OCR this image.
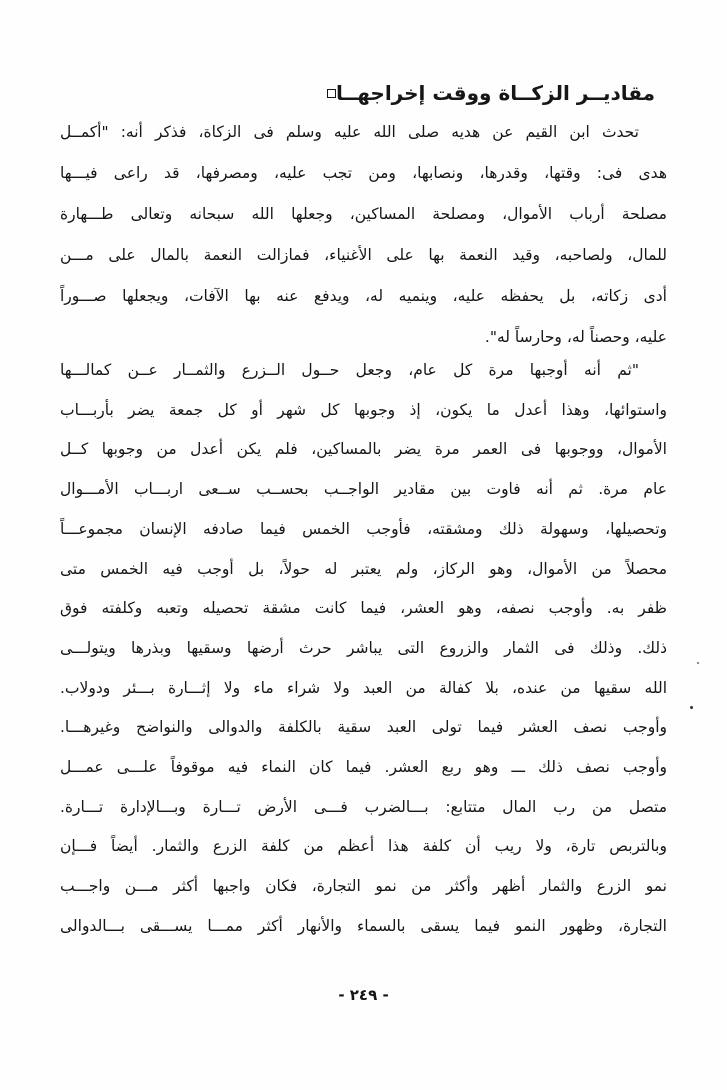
مقاديــر الزكــاة ووقت إخراجهــا
تحدث ابن القيم عن هديه صلى الله عليه وسلم فى الزكاة، فذكر أنه: "أكمــل
هدى فى: وقتها، وقدرها، ونصابها، ومن تجب عليه، ومصرفها، قد راعى فيـــها
مصلحة أرباب الأموال، ومصلحة المساكين، وجعلها الله سبحانه وتعالى طـــهارة
للمال، ولصاحبه، وقيد النعمة بها على الأغنياء، فمازالت النعمة بالمال على مـــن
أدى زكاته، بل يحفظه عليه، وينميه له، ويدفع عنه بها الآفات، ويجعلها صـــوراً
عليه، وحصناً له، وحارساً له".
"ثم أنه أوجبها مرة كل عام، وجعل حــول الــزرع والثمــار عــن كمالـــها
واستوائها، وهذا أعدل ما يكون، إذ وجوبها كل شهر أو كل جمعة يضر بأربـــاب
الأموال، ووجوبها فى العمر مرة يضر بالمساكين، فلم يكن أعدل من وجوبها كــل
عام مرة. ثم أنه فاوت بين مقادير الواجــب بحســب ســعى اربـــاب الأمـــوال
وتحصيلها، وسهولة ذلك ومشقته، فأوجب الخمس فيما صادفه الإنسان مجموعـــاً
محصلاً من الأموال، وهو الركاز، ولم يعتبر له حولاً، بل أوجب فيه الخمس متى
ظفر به. وأوجب نصفه، وهو العشر، فيما كانت مشقة تحصيله وتعبه وكلفته فوق
ذلك. وذلك فى الثمار والزروع التى يباشر حرث أرضها وسقيها وبذرها ويتولـــى
الله سقيها من عنده، بلا كفالة من العبد ولا شراء ماء ولا إثـــارة بـــئر ودولاب.
وأوجب نصف العشر فيما تولى العبد سقية بالكلفة والدوالى والنواضح وغيرهـــا.
وأوجب نصف ذلك ـــ وهو ربع العشر. فيما كان النماء فيه موقوفاً علـــى عمـــل
متصل من رب المال متتابع: بـــالضرب فـــى الأرض تـــارة وبـــالإدارة تـــارة.
وبالتربص تارة، ولا ريب أن كلفة هذا أعظم من كلفة الزرع والثمار. أيضاً فـــإن
نمو الزرع والثمار أظهر وأكثر من نمو التجارة، فكان واجبها أكثر مـــن واجـــب
التجارة، وظهور النمو فيما يسقى بالسماء والأنهار أكثر ممـــا يســـقى بـــالدوالى
- ٢٤٩ -
